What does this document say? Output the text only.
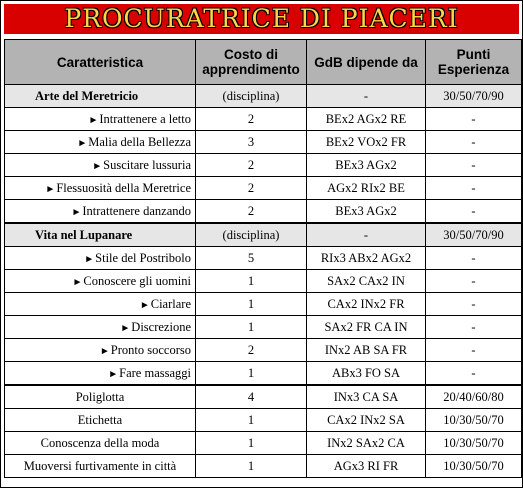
PROCURATRICE DI PIACERI
Caratteristica	Costo di apprendimento	GdB dipende da	Punti Esperienza
Arte del Meretricio	(disciplina)	-	30/50/70/90
►Intrattenere a letto	2	BEx2 AGx2 RE	-
►Malia della Bellezza	3	BEx2 VOx2 FR	-
►Suscitare lussuria	2	BEx3 AGx2	-
►Flessuosità della Meretrice	2	AGx2 RIx2 BE	-
►Intrattenere danzando	2	BEx3 AGx2	-
Vita nel Lupanare	(disciplina)	-	30/50/70/90
►Stile del Postribolo	5	RIx3 ABx2 AGx2	-
►Conoscere gli uomini	1	SAx2 CAx2 IN	-
►Ciarlare	1	CAx2 INx2 FR	-
►Discrezione	1	SAx2 FR CA IN	-
►Pronto soccorso	2	INx2 AB SA FR	-
►Fare massaggi	1	ABx3 FO SA	-
Poliglotta	4	INx3 CA SA	20/40/60/80
Etichetta	1	CAx2 INx2 SA	10/30/50/70
Conoscenza della moda	1	INx2 SAx2 CA	10/30/50/70
Muoversi furtivamente in città	1	AGx3 RI FR	10/30/50/70
